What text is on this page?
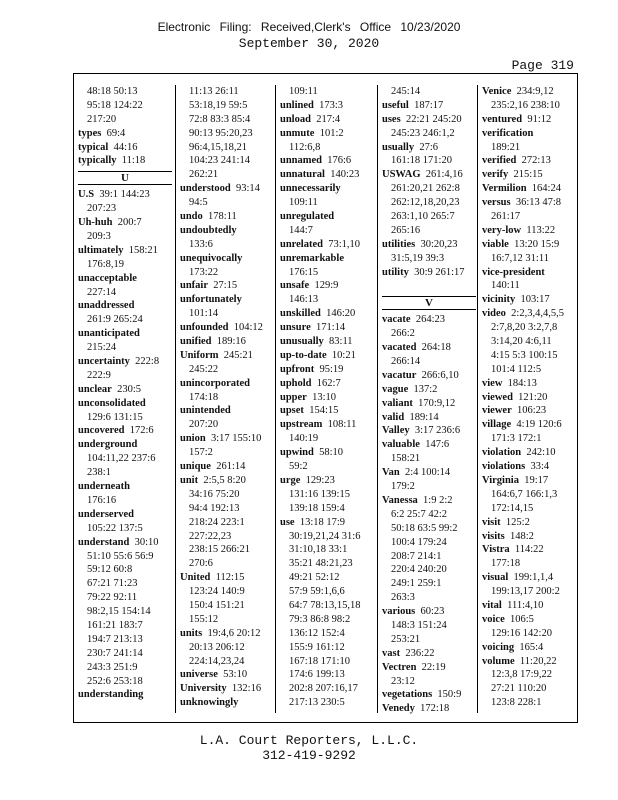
Electronic Filing: Received,Clerk's Office 10/23/2020
September 30, 2020
Page 319
48:18 50:13
95:18 124:22
217:20
types 69:4
typical 44:16
typically 11:18
U
U.S 39:1 144:23
207:23
Uh-huh 200:7
209:3
ultimately 158:21
176:8,19
unacceptable
227:14
unaddressed
261:9 265:24
unanticipated
215:24
uncertainty 222:8
222:9
unclear 230:5
unconsolidated
129:6 131:15
uncovered 172:6
underground
104:11,22 237:6
238:1
underneath
176:16
underserved
105:22 137:5
understand 30:10
51:10 55:6 56:9
59:12 60:8
67:21 71:23
79:22 92:11
98:2,15 154:14
161:21 183:7
194:7 213:13
230:7 241:14
243:3 251:9
252:6 253:18
understanding
11:13 26:11
53:18,19 59:5
72:8 83:3 85:4
90:13 95:20,23
96:4,15,18,21
104:23 241:14
262:21
understood 93:14
94:5
undo 178:11
undoubtedly
133:6
unequivocally
173:22
unfair 27:15
unfortunately
101:14
unfounded 104:12
unified 189:16
Uniform 245:21
245:22
unincorporated
174:18
unintended
207:20
union 3:17 155:10
157:2
unique 261:14
unit 2:5,5 8:20
34:16 75:20
94:4 192:13
218:24 223:1
227:22,23
238:15 266:21
270:6
United 112:15
123:24 140:9
150:4 151:21
155:12
units 19:4,6 20:12
20:13 206:12
224:14,23,24
universe 53:10
University 132:16
unknowingly
109:11
unlined 173:3
unload 217:4
unmute 101:2
112:6,8
unnamed 176:6
unnatural 140:23
unnecessarily
109:11
unregulated
144:7
unrelated 73:1,10
unremarkable
176:15
unsafe 129:9
146:13
unskilled 146:20
unsure 171:14
unusually 83:11
up-to-date 10:21
upfront 95:19
uphold 162:7
upper 13:10
upset 154:15
upstream 108:11
140:19
upwind 58:10
59:2
urge 129:23
131:16 139:15
139:18 159:4
use 13:18 17:9
30:19,21,24 31:6
31:10,18 33:1
35:21 48:21,23
49:21 52:12
57:9 59:1,6,6
64:7 78:13,15,18
79:3 86:8 98:2
136:12 152:4
155:9 161:12
167:18 171:10
174:6 199:13
202:8 207:16,17
217:13 230:5
245:14
useful 187:17
uses 22:21 245:20
245:23 246:1,2
usually 27:6
161:18 171:20
USWAG 261:4,16
261:20,21 262:8
262:12,18,20,23
263:1,10 265:7
265:16
utilities 30:20,23
31:5,19 39:3
utility 30:9 261:17
V
vacate 264:23
266:2
vacated 264:18
266:14
vacatur 266:6,10
vague 137:2
valiant 170:9,12
valid 189:14
Valley 3:17 236:6
valuable 147:6
158:21
Van 2:4 100:14
179:2
Vanessa 1:9 2:2
6:2 25:7 42:2
50:18 63:5 99:2
100:4 179:24
208:7 214:1
220:4 240:20
249:1 259:1
263:3
various 60:23
148:3 151:24
253:21
vast 236:22
Vectren 22:19
23:12
vegetations 150:9
Venedy 172:18
Venice 234:9,12
235:2,16 238:10
ventured 91:12
verification
189:21
verified 272:13
verify 215:15
Vermilion 164:24
versus 36:13 47:8
261:17
very-low 113:22
viable 13:20 15:9
16:7,12 31:11
vice-president
140:11
vicinity 103:17
video 2:2,3,4,4,5,5
2:7,8,20 3:2,7,8
3:14,20 4:6,11
4:15 5:3 100:15
101:4 112:5
view 184:13
viewed 121:20
viewer 106:23
village 4:19 120:6
171:3 172:1
violation 242:10
violations 33:4
Virginia 19:17
164:6,7 166:1,3
172:14,15
visit 125:2
visits 148:2
Vistra 114:22
177:18
visual 199:1,1,4
199:13,17 200:2
vital 111:4,10
voice 106:5
129:16 142:20
voicing 165:4
volume 11:20,22
12:3,8 17:9,22
27:21 110:20
123:8 228:1
L.A. Court Reporters, L.L.C.
312-419-9292
